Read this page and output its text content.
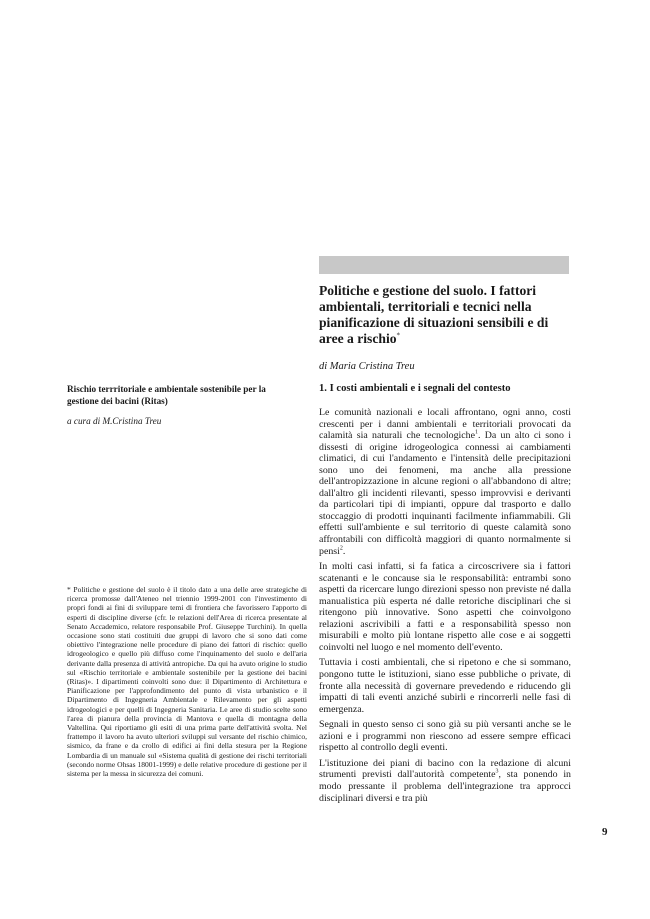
Politiche e gestione del suolo. I fattori ambientali, territoriali e tecnici nella pianificazione di situazioni sensibili e di aree a rischio*
di Maria Cristina Treu
1. I costi ambientali e i segnali del contesto
Rischio terrritoriale e ambientale sostenibile per la gestione dei bacini (Ritas)
a cura di M.Cristina Treu

* Politiche e gestione del suolo è il titolo dato a una delle aree strategiche di ricerca promosse dall'Ateneo nel triennio 1999-2001 con l'investimento di propri fondi ai fini di sviluppare temi di frontiera che favorissero l'apporto di esperti di discipline diverse (cfr. le relazioni dell'Area di ricerca presentate al Senato Accademico, relatore responsabile Prof. Giuseppe Turchini). In quella occasione sono stati costituiti due gruppi di lavoro che si sono dati come obiettivo l'integrazione nelle procedure di piano dei fattori di rischio: quello idrogeologico e quello più diffuso come l'inquinamento del suolo e dell'aria derivante dalla presenza di attività antropiche. Da qui ha avuto origine lo studio sul «Rischio territoriale e ambientale sostenibile per la gestione dei bacini (Ritas)». I dipartimenti coinvolti sono due: il Dipartimento di Architettura e Pianificazione per l'approfondimento del punto di vista urbanistico e il Dipartimento di Ingegneria Ambientale e Rilevamento per gli aspetti idrogeologici e per quelli di Ingegneria Sanitaria. Le aree di studio scelte sono l'area di pianura della provincia di Mantova e quella di montagna della Valtellina. Qui riportiamo gli esiti di una prima parte dell'attività svolta. Nel frattempo il lavoro ha avuto ulteriori sviluppi sul versante del rischio chimico, sismico, da frane e da crollo di edifici ai fini della stesura per la Regione Lombardia di un manuale sul «Sistema qualità di gestione dei rischi territoriali (secondo norme Ohsas 18001-1999) e delle relative procedure di gestione per il sistema per la messa in sicurezza dei comuni.

Le comunità nazionali e locali affrontano, ogni anno, costi crescenti per i danni ambientali e territoriali provocati da calamità sia naturali che tecnologiche$^1$. Da un alto ci sono i dissesti di origine idrogeologica connessi ai cambiamenti climatici, di cui l'andamento e l'intensità delle precipitazioni sono uno dei fenomeni, ma anche alla pressione dell'antropizzazione in alcune regioni o all'abbandono di altre; dall'altro gli incidenti rilevanti, spesso improvvisi e derivanti da particolari tipi di impianti, oppure dal trasporto e dallo stoccaggio di prodotti inquinanti facilmente infiammabili. Gli effetti sull'ambiente e sul territorio di queste calamità sono affrontabili con difficoltà maggiori di quanto normalmente si pensi$^2$.

In molti casi infatti, si fa fatica a circoscrivere sia i fattori scatenanti e le concause sia le responsabilità: entrambi sono aspetti da ricercare lungo direzioni spesso non previste né dalla manualistica più esperta né dalle retoriche disciplinari che si ritengono più innovative. Sono aspetti che coinvolgono relazioni ascrivibili a fatti e a responsabilità spesso non misurabili e molto più lontane rispetto alle cose e ai soggetti coinvolti nel luogo e nel momento dell'evento.

Tuttavia i costi ambientali, che si ripetono e che si sommano, pongono tutte le istituzioni, siano esse pubbliche o private, di fronte alla necessità di governare prevedendo e riducendo gli impatti di tali eventi anziché subirli e rincorrerli nelle fasi di emergenza.

Segnali in questo senso ci sono già su più versanti anche se le azioni e i programmi non riescono ad essere sempre efficaci rispetto al controllo degli eventi.

L'istituzione dei piani di bacino con la redazione di alcuni strumenti previsti dall'autorità competente$^3$, sta ponendo in modo pressante il problema dell'integrazione tra approcci disciplinari diversi e tra più

9
